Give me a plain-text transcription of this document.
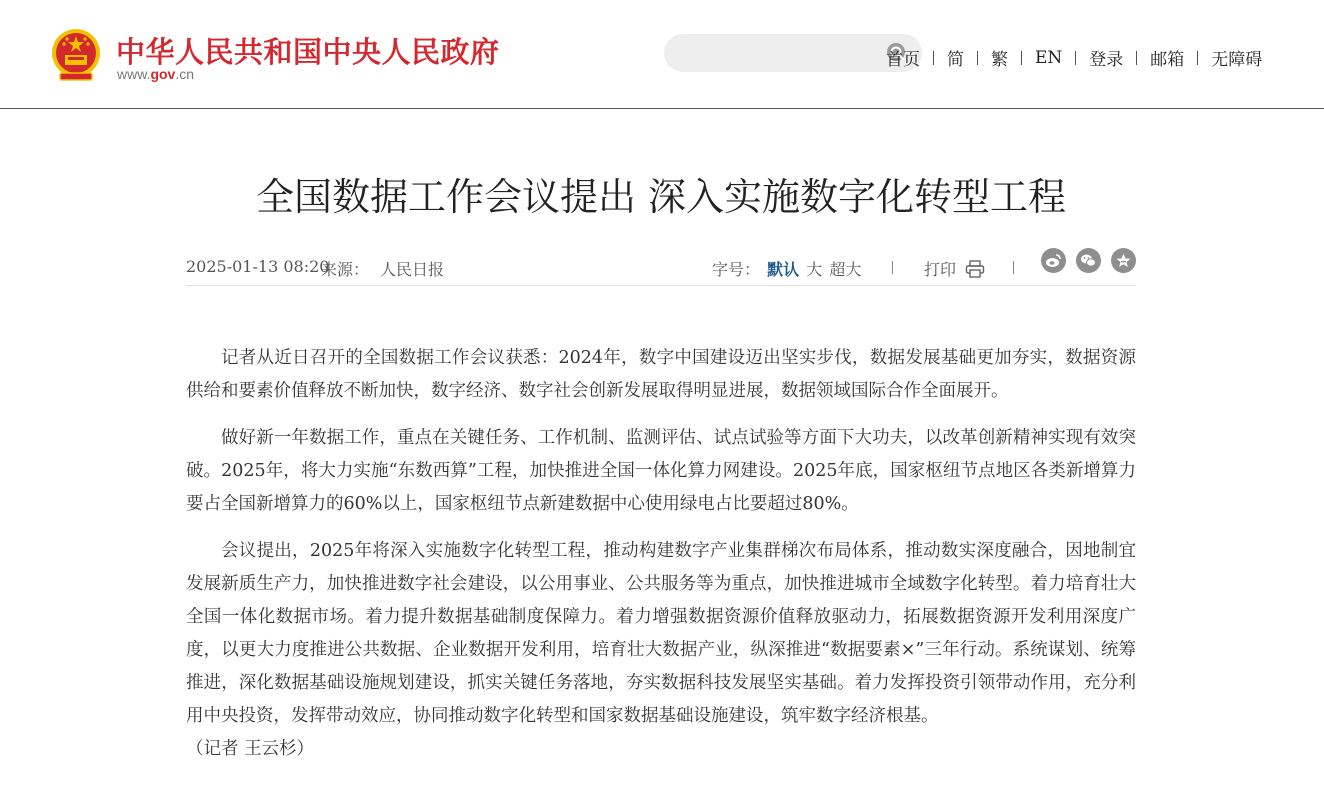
中华人民共和国中央人民政府
www.gov.cn
首页 简 繁 EN 登录 邮箱 无障碍
全国数据工作会议提出 深入实施数字化转型工程
2025-01-13 08:20
来源： 人民日报	字号： 默认 大 超大	打印

记者从近日召开的全国数据工作会议获悉：2024年，数字中国建设迈出坚实步伐，数据发展基础更加夯实，数据资源供给和要素价值释放不断加快，数字经济、数字社会创新发展取得明显进展，数据领域国际合作全面展开。

做好新一年数据工作，重点在关键任务、工作机制、监测评估、试点试验等方面下大功夫，以改革创新精神实现有效突破。2025年，将大力实施“东数西算”工程，加快推进全国一体化算力网建设。2025年底，国家枢纽节点地区各类新增算力要占全国新增算力的60%以上，国家枢纽节点新建数据中心使用绿电占比要超过80%。

会议提出，2025年将深入实施数字化转型工程，推动构建数字产业集群梯次布局体系，推动数实深度融合，因地制宜发展新质生产力，加快推进数字社会建设，以公用事业、公共服务等为重点，加快推进城市全域数字化转型。着力培育壮大全国一体化数据市场。着力提升数据基础制度保障力。着力增强数据资源价值释放驱动力，拓展数据资源开发利用深度广度，以更大力度推进公共数据、企业数据开发利用，培育壮大数据产业，纵深推进“数据要素×”三年行动。系统谋划、统筹推进，深化数据基础设施规划建设，抓实关键任务落地，夯实数据科技发展坚实基础。着力发挥投资引领带动作用，充分利用中央投资，发挥带动效应，协同推动数字化转型和国家数据基础设施建设，筑牢数字经济根基。

（记者 王云杉）
